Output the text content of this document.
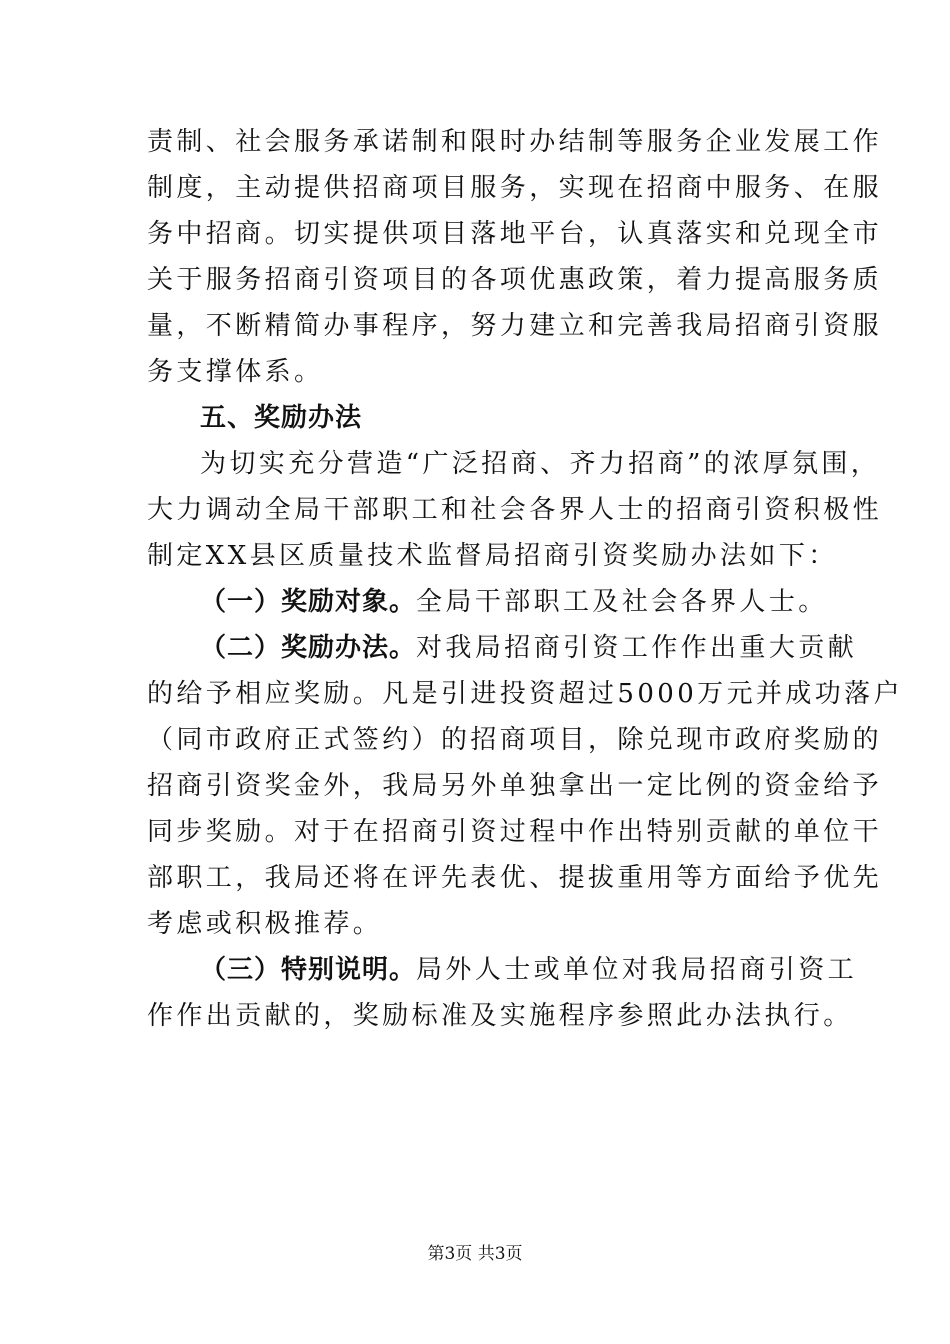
责制、社会服务承诺制和限时办结制等服务企业发展工作
制度，主动提供招商项目服务，实现在招商中服务、在服
务中招商。切实提供项目落地平台，认真落实和兑现全市
关于服务招商引资项目的各项优惠政策，着力提高服务质
量，不断精简办事程序，努力建立和完善我局招商引资服
务支撑体系。
五、奖励办法
为切实充分营造“广泛招商、齐力招商”的浓厚氛围，
大力调动全局干部职工和社会各界人士的招商引资积极性
制定XX县区质量技术监督局招商引资奖励办法如下：
（一）奖励对象。全局干部职工及社会各界人士。
（二）奖励办法。对我局招商引资工作作出重大贡献
的给予相应奖励。凡是引进投资超过5000万元并成功落户
（同市政府正式签约）的招商项目，除兑现市政府奖励的
招商引资奖金外，我局另外单独拿出一定比例的资金给予
同步奖励。对于在招商引资过程中作出特别贡献的单位干
部职工，我局还将在评先表优、提拔重用等方面给予优先
考虑或积极推荐。
（三）特别说明。局外人士或单位对我局招商引资工
作作出贡献的，奖励标准及实施程序参照此办法执行。
第3页 共3页
